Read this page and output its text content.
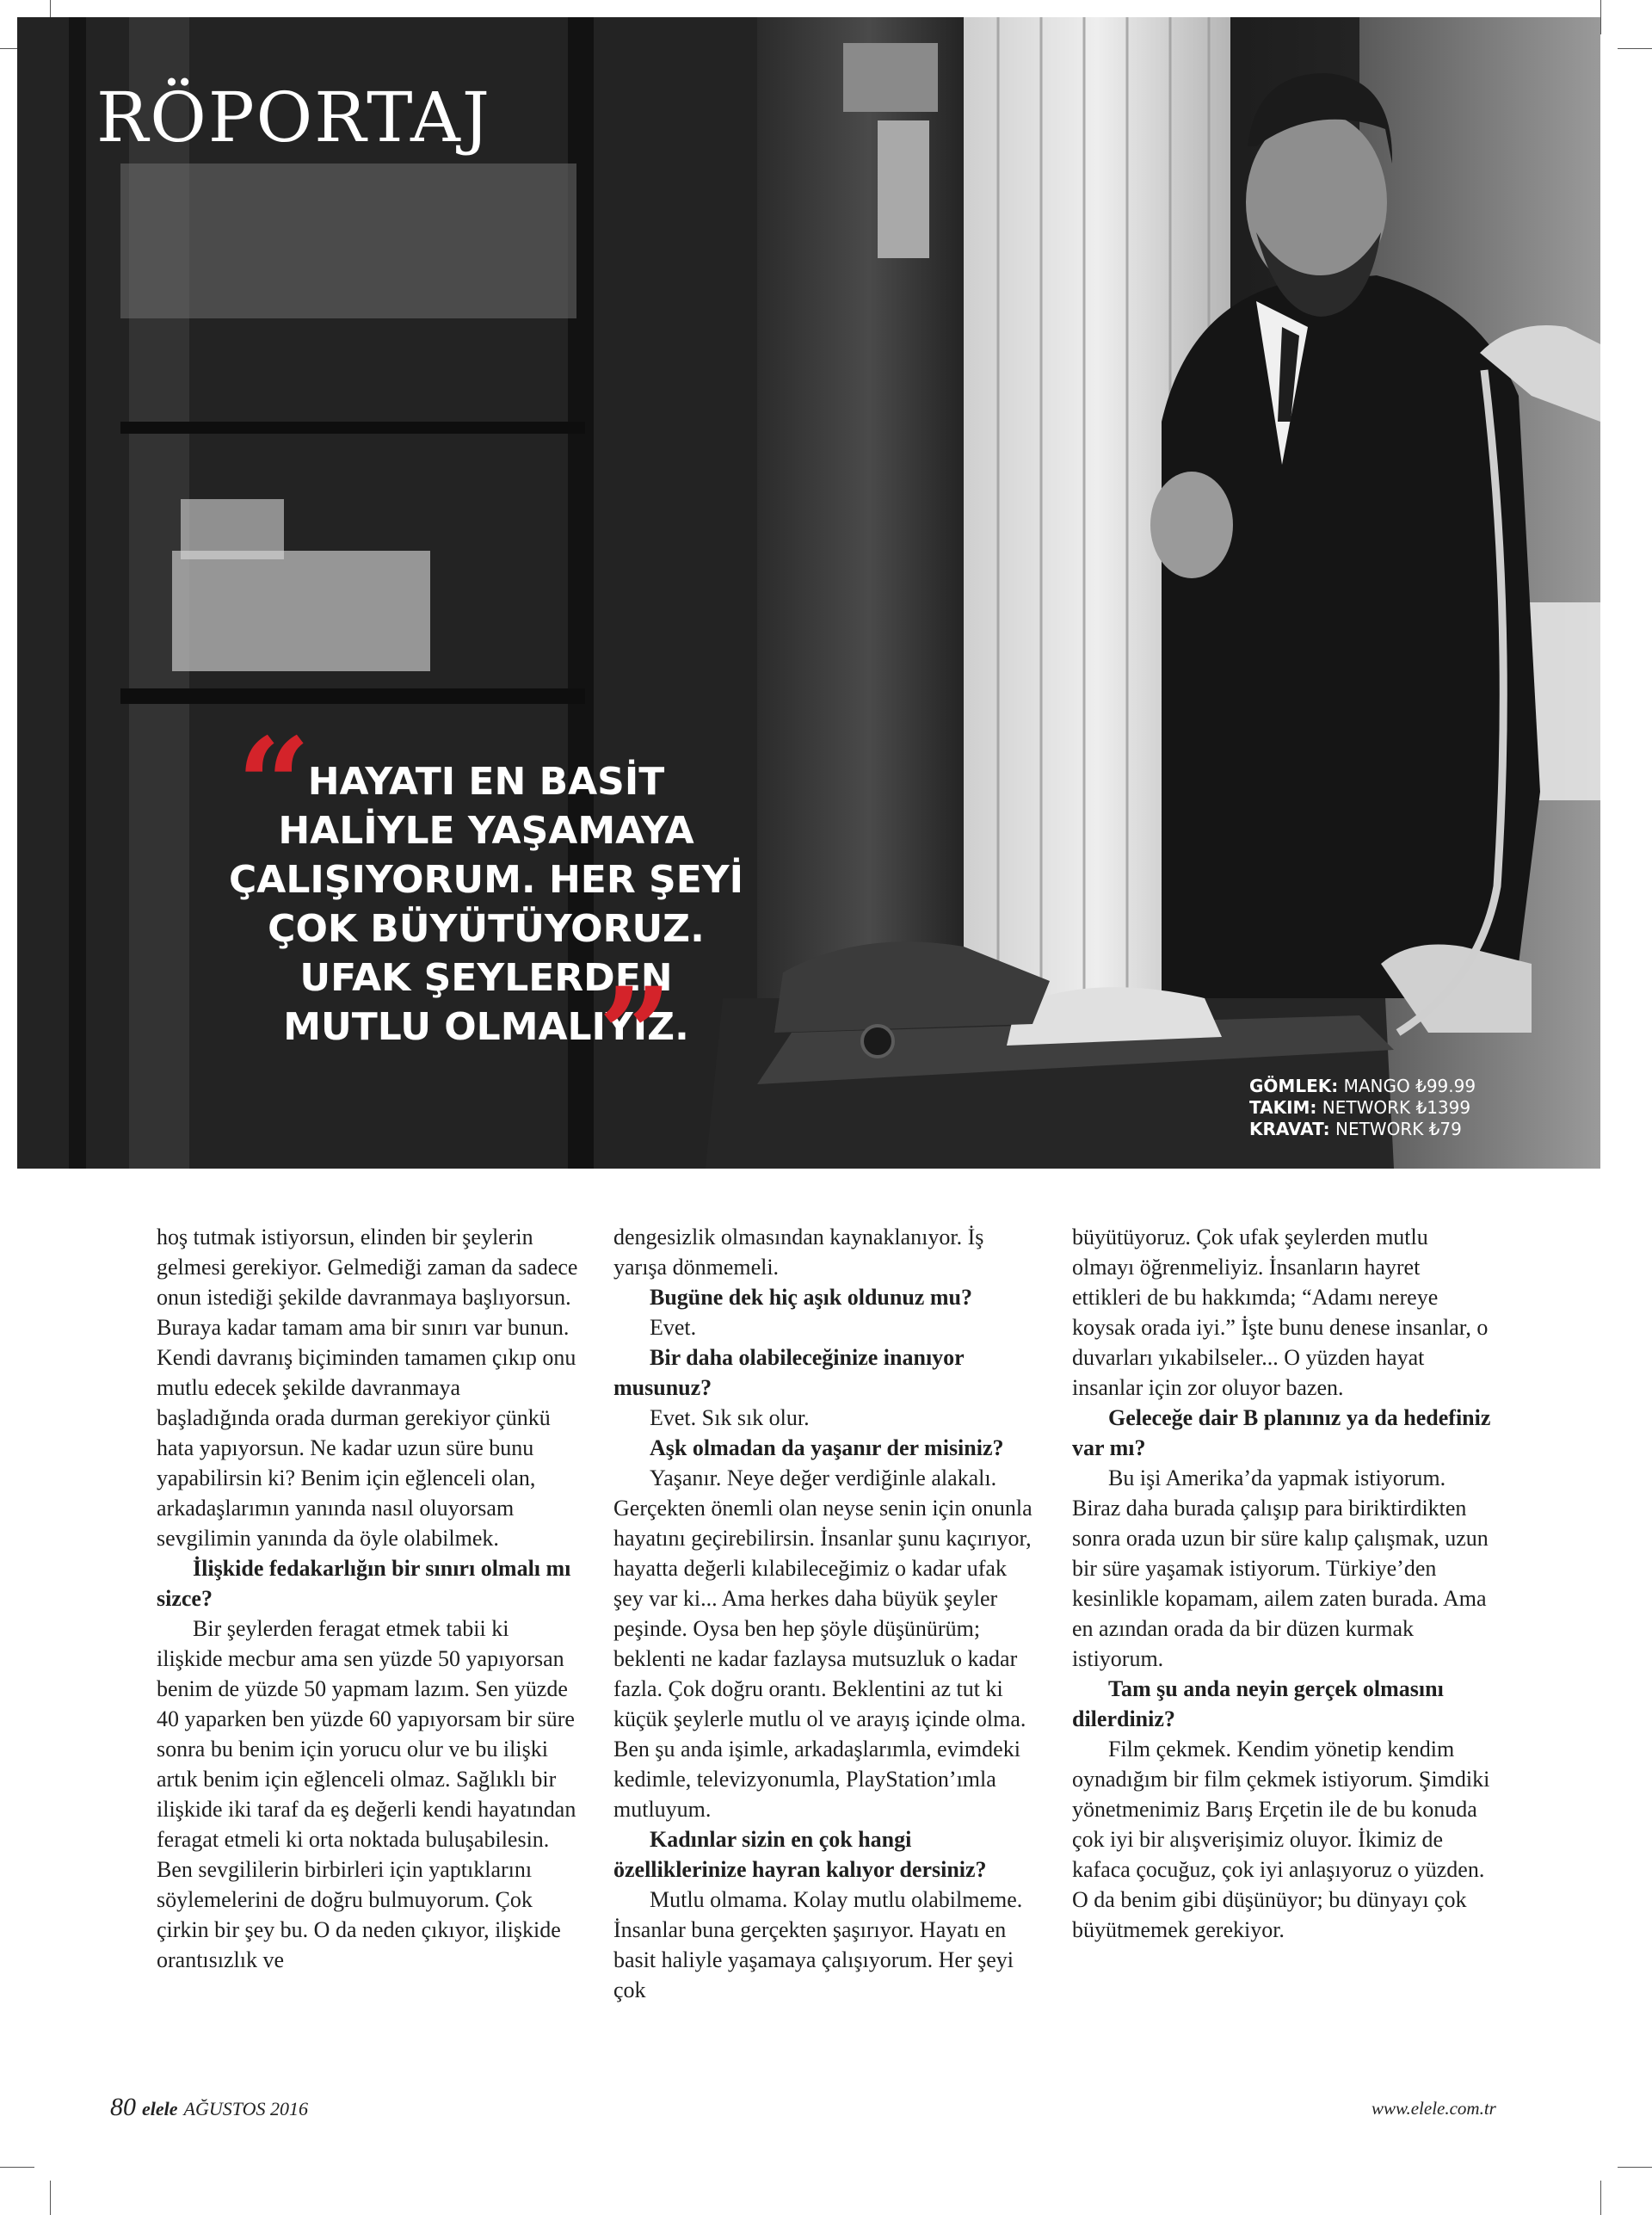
RÖPORTAJ
“
HAYATI EN BASİT HALİYLE YAŞAMAYA ÇALIŞIYORUM. HER ŞEYİ ÇOK BÜYÜTÜYORUZ. UFAK ŞEYLERDEN MUTLU OLMALIYIZ.
”	GÖMLEK: MANGO ₺99.99
TAKIM: NETWORK ₺1399
KRAVAT: NETWORK ₺79

hoş tutmak istiyorsun, elinden bir şeylerin gelmesi gerekiyor. Gelmediği zaman da sadece onun istediği şekilde davranmaya başlıyorsun. Buraya kadar tamam ama bir sınırı var bunun. Kendi davranış biçiminden tamamen çıkıp onu mutlu edecek şekilde davranmaya başladığında orada durman gerekiyor çünkü hata yapıyorsun. Ne kadar uzun süre bunu yapabilirsin ki? Benim için eğlenceli olan, arkadaşlarımın yanında nasıl oluyorsam sevgilimin yanında da öyle olabilmek.

İlişkide fedakarlığın bir sınırı olmalı mı sizce?

Bir şeylerden feragat etmek tabii ki ilişkide mecbur ama sen yüzde 50 yapıyorsan benim de yüzde 50 yapmam lazım. Sen yüzde 40 yaparken ben yüzde 60 yapıyorsam bir süre sonra bu benim için yorucu olur ve bu ilişki artık benim için eğlenceli olmaz. Sağlıklı bir ilişkide iki taraf da eş değerli kendi hayatından feragat etmeli ki orta noktada buluşabilesin. Ben sevgililerin birbirleri için yaptıklarını söylemelerini de doğru bulmuyorum. Çok çirkin bir şey bu. O da neden çıkıyor, ilişkide orantısızlık ve

dengesizlik olmasından kaynaklanıyor. İş yarışa dönmemeli.

Bugüne dek hiç aşık oldunuz mu?

Evet.

Bir daha olabileceğinize inanıyor musunuz?

Evet. Sık sık olur.

Aşk olmadan da yaşanır der misiniz?

Yaşanır. Neye değer verdiğinle alakalı. Gerçekten önemli olan neyse senin için onunla hayatını geçirebilirsin. İnsanlar şunu kaçırıyor, hayatta değerli kılabileceğimiz o kadar ufak şey var ki... Ama herkes daha büyük şeyler peşinde. Oysa ben hep şöyle düşünürüm; beklenti ne kadar fazlaysa mutsuzluk o kadar fazla. Çok doğru orantı. Beklentini az tut ki küçük şeylerle mutlu ol ve arayış içinde olma. Ben şu anda işimle, arkadaşlarımla, evimdeki kedimle, televizyonumla, PlayStation’ımla mutluyum.

Kadınlar sizin en çok hangi özelliklerinize hayran kalıyor dersiniz?

Mutlu olmama. Kolay mutlu olabilmeme. İnsanlar buna gerçekten şaşırıyor. Hayatı en basit haliyle yaşamaya çalışıyorum. Her şeyi çok

büyütüyoruz. Çok ufak şeylerden mutlu olmayı öğrenmeliyiz. İnsanların hayret ettikleri de bu hakkımda; “Adamı nereye koysak orada iyi.” İşte bunu denese insanlar, o duvarları yıkabilseler... O yüzden hayat insanlar için zor oluyor bazen.

Geleceğe dair B planınız ya da hedefiniz var mı?

Bu işi Amerika’da yapmak istiyorum. Biraz daha burada çalışıp para biriktirdikten sonra orada uzun bir süre kalıp çalışmak, uzun bir süre yaşamak istiyorum. Türkiye’den kesinlikle kopamam, ailem zaten burada. Ama en azından orada da bir düzen kurmak istiyorum.

Tam şu anda neyin gerçek olmasını dilerdiniz?

Film çekmek. Kendim yönetip kendim oynadığım bir film çekmek istiyorum. Şimdiki yönetmenimiz Barış Erçetin ile de bu konuda çok iyi bir alışverişimiz oluyor. İkimiz de kafaca çocuğuz, çok iyi anlaşıyoruz o yüzden. O da benim gibi düşünüyor; bu dünyayı çok büyütmemek gerekiyor.

80 elele AĞUSTOS 2016	www.elele.com.tr
